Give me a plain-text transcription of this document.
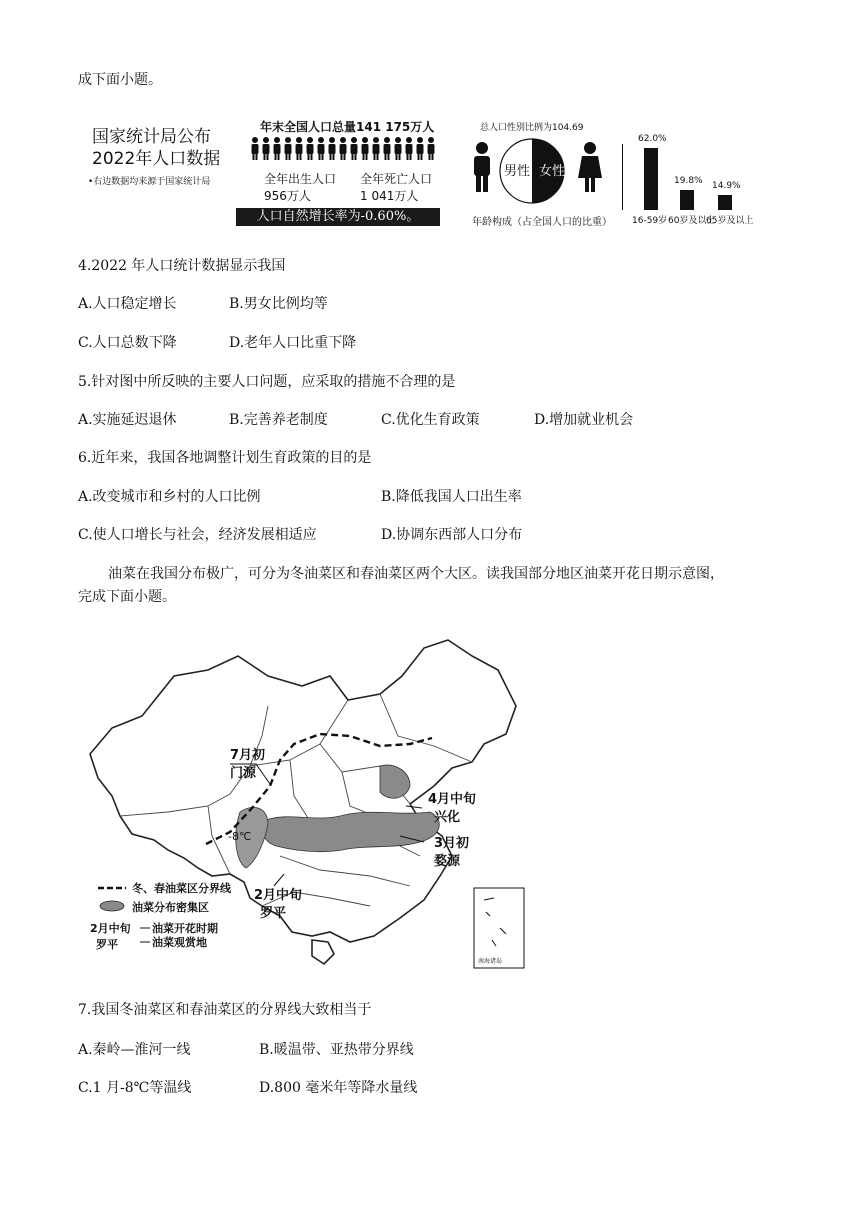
成下面小题。
国家统计局公布
2022年人口数据
•右边数据均来源于国家统计局
年末全国人口总量141 175万人
全年出生人口
956万人
全年死亡人口
1 041万人
人口自然增长率为-0.60%。
总人口性别比例为104.69
男性 女性
年龄构成（占全国人口的比重）
62.0%
16-59岁
19.8%
60岁及以上
14.9%
65岁及以上
4.2022 年人口统计数据显示我国
A.人口稳定增长	B.男女比例均等
C.人口总数下降	D.老年人口比重下降
5.针对图中所反映的主要人口问题，应采取的措施不合理的是
A.实施延迟退休	B.完善养老制度	C.优化生育政策	D.增加就业机会
6.近年来，我国各地调整计划生育政策的目的是
A.改变城市和乡村的人口比例	B.降低我国人口出生率
C.使人口增长与社会，经济发展相适应	D.协调东西部人口分布
油菜在我国分布极广，可分为冬油菜区和春油菜区两个大区。读我国部分地区油菜开花日期示意图，
完成下面小题。
7月初
门源
4月中旬
兴化
3月初
婺源
2月中旬
罗平
-8℃
南海诸岛
冬、春油菜区分界线
油菜分布密集区
2月中旬
罗平
油菜开花时期
油菜观赏地
7.我国冬油菜区和春油菜区的分界线大致相当于
A.秦岭—淮河一线	B.暖温带、亚热带分界线
C.1 月-8℃等温线	D.800 毫米年等降水量线
